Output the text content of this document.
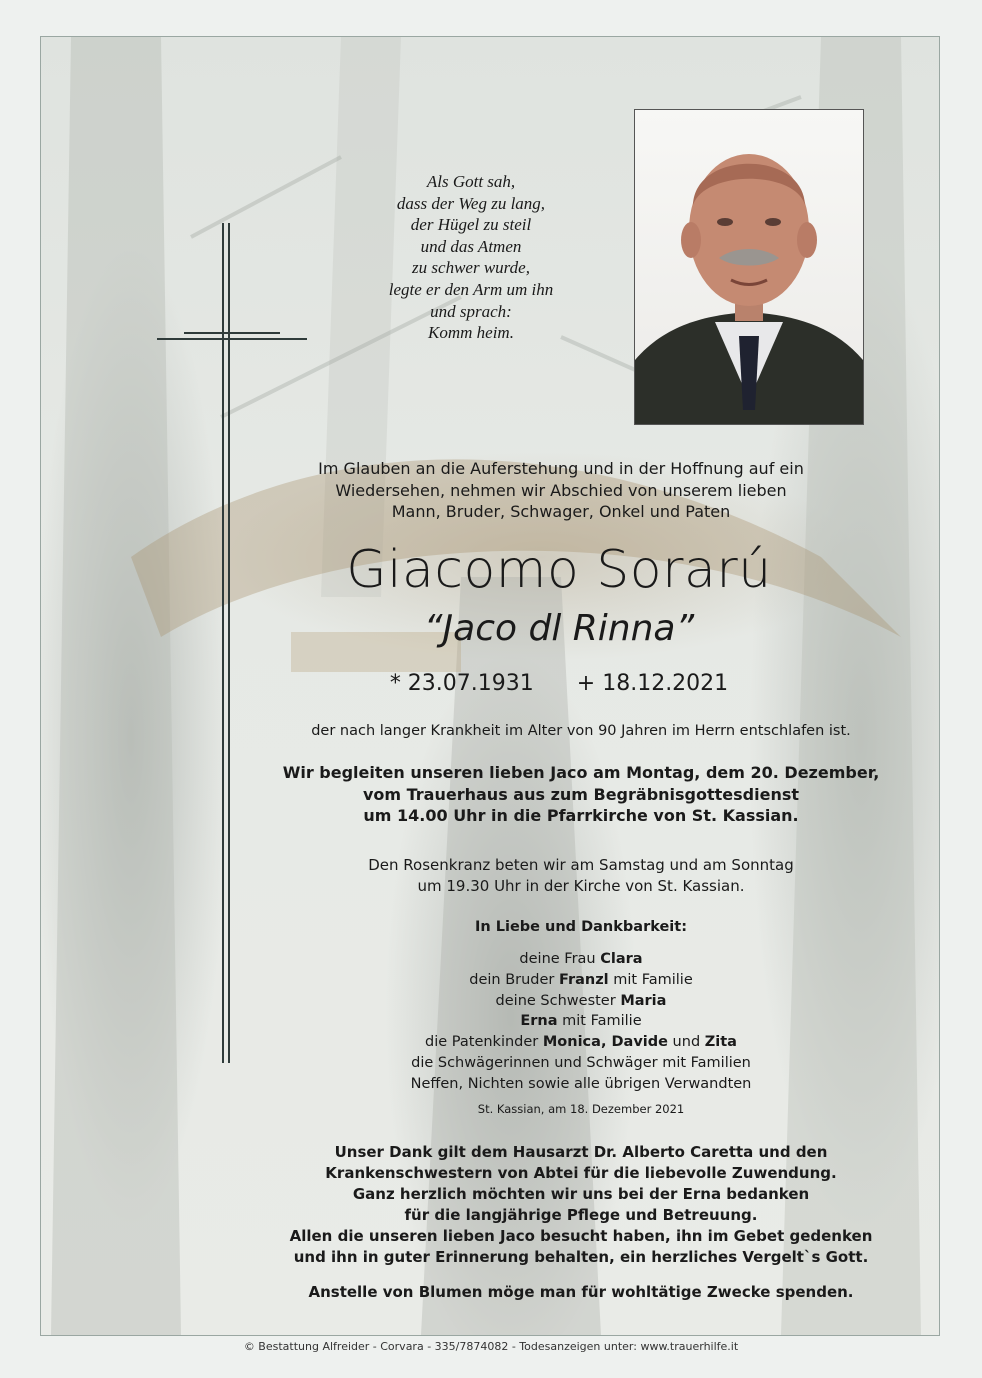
Als Gott sah,
dass der Weg zu lang,
der Hügel zu steil
und das Atmen
zu schwer wurde,
legte er den Arm um ihn
und sprach:
Komm heim.
Im Glauben an die Auferstehung und in der Hoffnung auf ein
Wiedersehen, nehmen wir Abschied von unserem lieben
Mann, Bruder, Schwager, Onkel und Paten
Giacomo Sorarú
“Jaco dl Rinna”
* 23.07.1931 + 18.12.2021
der nach langer Krankheit im Alter von 90 Jahren im Herrn entschlafen ist.
Wir begleiten unseren lieben Jaco am Montag, dem 20. Dezember,
vom Trauerhaus aus zum Begräbnisgottesdienst
um 14.00 Uhr in die Pfarrkirche von St. Kassian.
Den Rosenkranz beten wir am Samstag und am Sonntag
um 19.30 Uhr in der Kirche von St. Kassian.
In Liebe und Dankbarkeit:
deine Frau Clara
dein Bruder Franzl mit Familie
deine Schwester Maria
Erna mit Familie
die Patenkinder Monica, Davide und Zita
die Schwägerinnen und Schwäger mit Familien
Neffen, Nichten sowie alle übrigen Verwandten
St. Kassian, am 18. Dezember 2021
Unser Dank gilt dem Hausarzt Dr. Alberto Caretta und den
Krankenschwestern von Abtei für die liebevolle Zuwendung.
Ganz herzlich möchten wir uns bei der Erna bedanken
für die langjährige Pflege und Betreuung.
Allen die unseren lieben Jaco besucht haben, ihn im Gebet gedenken
und ihn in guter Erinnerung behalten, ein herzliches Vergelt`s Gott.
Anstelle von Blumen möge man für wohltätige Zwecke spenden.
© Bestattung Alfreider - Corvara - 335/7874082 - Todesanzeigen unter: www.trauerhilfe.it
